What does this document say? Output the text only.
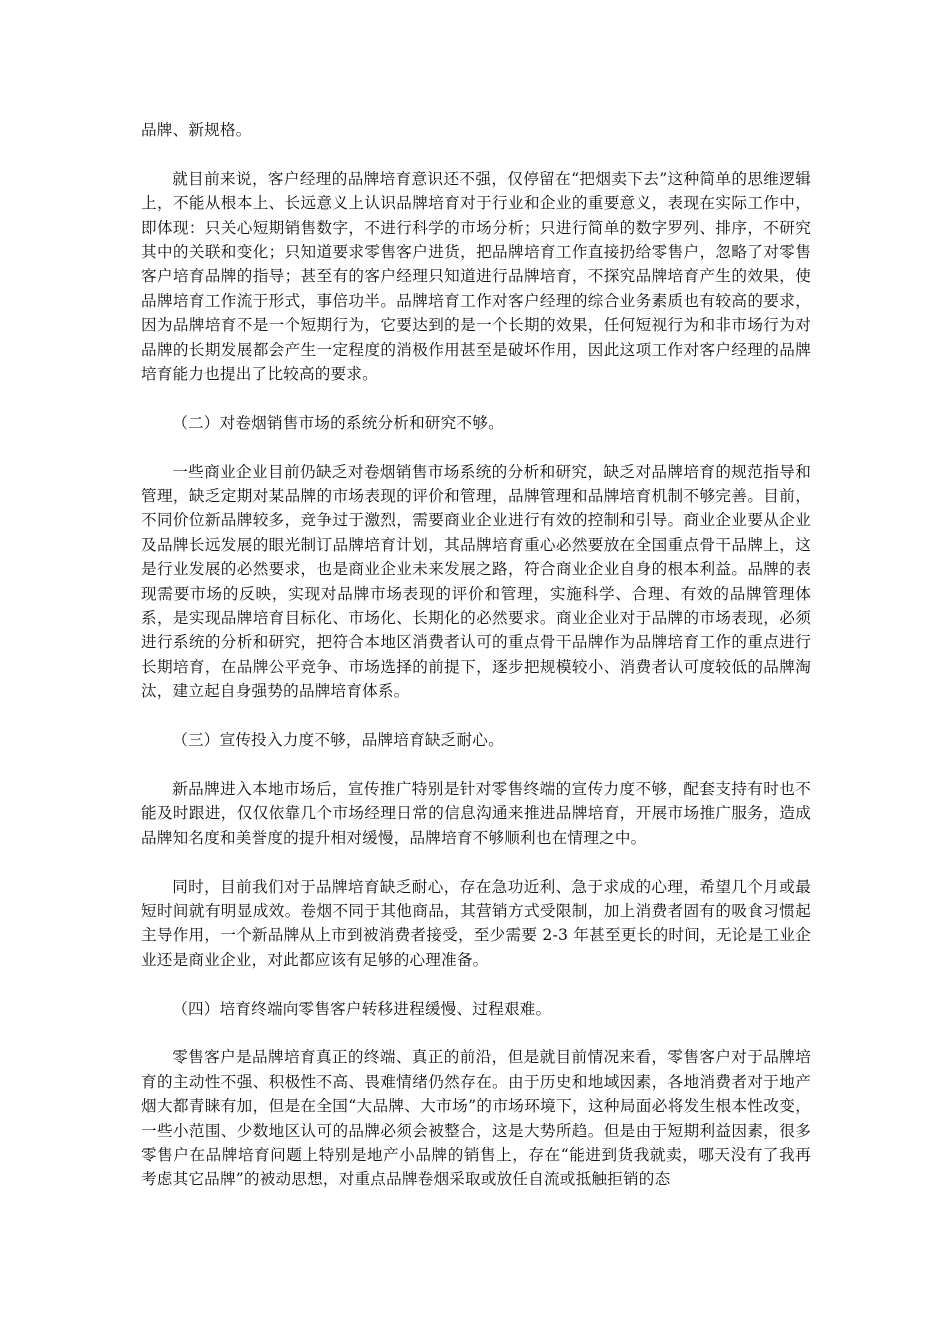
品牌、新规格。

就目前来说，客户经理的品牌培育意识还不强，仅停留在“把烟卖下去”这种简单的思维逻辑上，不能从根本上、长远意义上认识品牌培育对于行业和企业的重要意义，表现在实际工作中，即体现：只关心短期销售数字，不进行科学的市场分析；只进行简单的数字罗列、排序，不研究其中的关联和变化；只知道要求零售客户进货，把品牌培育工作直接扔给零售户，忽略了对零售客户培育品牌的指导；甚至有的客户经理只知道进行品牌培育，不探究品牌培育产生的效果，使品牌培育工作流于形式，事倍功半。品牌培育工作对客户经理的综合业务素质也有较高的要求，因为品牌培育不是一个短期行为，它要达到的是一个长期的效果，任何短视行为和非市场行为对品牌的长期发展都会产生一定程度的消极作用甚至是破坏作用，因此这项工作对客户经理的品牌培育能力也提出了比较高的要求。

（二）对卷烟销售市场的系统分析和研究不够。

一些商业企业目前仍缺乏对卷烟销售市场系统的分析和研究，缺乏对品牌培育的规范指导和管理，缺乏定期对某品牌的市场表现的评价和管理，品牌管理和品牌培育机制不够完善。目前，不同价位新品牌较多，竞争过于激烈，需要商业企业进行有效的控制和引导。商业企业要从企业及品牌长远发展的眼光制订品牌培育计划，其品牌培育重心必然要放在全国重点骨干品牌上，这是行业发展的必然要求，也是商业企业未来发展之路，符合商业企业自身的根本利益。品牌的表现需要市场的反映，实现对品牌市场表现的评价和管理，实施科学、合理、有效的品牌管理体系，是实现品牌培育目标化、市场化、长期化的必然要求。商业企业对于品牌的市场表现，必须进行系统的分析和研究，把符合本地区消费者认可的重点骨干品牌作为品牌培育工作的重点进行长期培育，在品牌公平竞争、市场选择的前提下，逐步把规模较小、消费者认可度较低的品牌淘汰，建立起自身强势的品牌培育体系。

（三）宣传投入力度不够，品牌培育缺乏耐心。

新品牌进入本地市场后，宣传推广特别是针对零售终端的宣传力度不够，配套支持有时也不能及时跟进，仅仅依靠几个市场经理日常的信息沟通来推进品牌培育，开展市场推广服务，造成品牌知名度和美誉度的提升相对缓慢，品牌培育不够顺利也在情理之中。

同时，目前我们对于品牌培育缺乏耐心，存在急功近利、急于求成的心理，希望几个月或最短时间就有明显成效。卷烟不同于其他商品，其营销方式受限制，加上消费者固有的吸食习惯起主导作用，一个新品牌从上市到被消费者接受，至少需要 2-3 年甚至更长的时间，无论是工业企业还是商业企业，对此都应该有足够的心理准备。

（四）培育终端向零售客户转移进程缓慢、过程艰难。

零售客户是品牌培育真正的终端、真正的前沿，但是就目前情况来看，零售客户对于品牌培育的主动性不强、积极性不高、畏难情绪仍然存在。由于历史和地域因素，各地消费者对于地产烟大都青睐有加，但是在全国“大品牌、大市场”的市场环境下，这种局面必将发生根本性改变，一些小范围、少数地区认可的品牌必须会被整合，这是大势所趋。但是由于短期利益因素，很多零售户在品牌培育问题上特别是地产小品牌的销售上，存在“能进到货我就卖，哪天没有了我再考虑其它品牌”的被动思想，对重点品牌卷烟采取或放任自流或抵触拒销的态
